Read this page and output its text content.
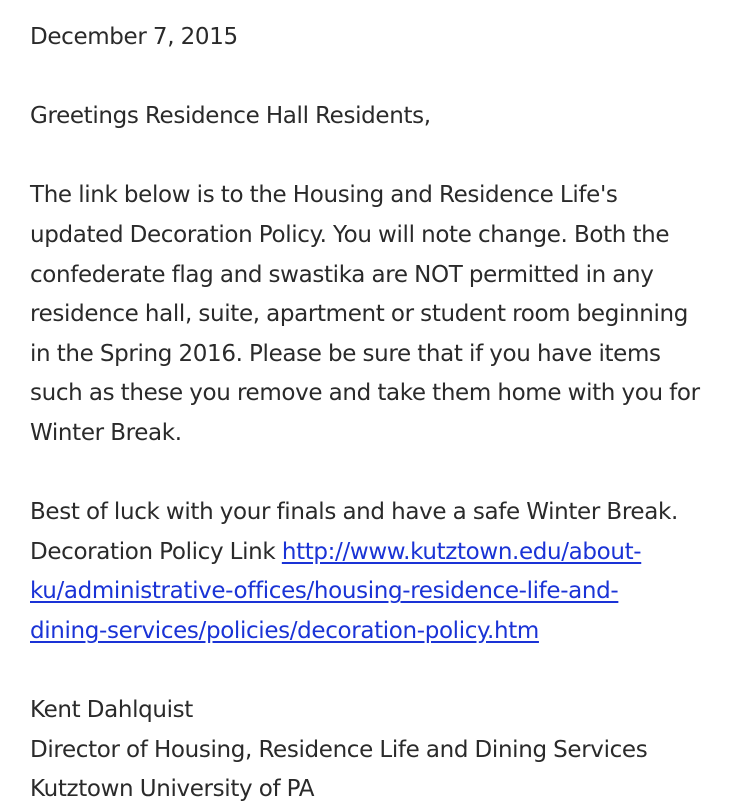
December 7, 2015

Greetings Residence Hall Residents,

The link below is to the Housing and Residence Life's
updated Decoration Policy. You will note change. Both the
confederate flag and swastika are NOT permitted in any
residence hall, suite, apartment or student room beginning
in the Spring 2016. Please be sure that if you have items
such as these you remove and take them home with you for
Winter Break.

Best of luck with your finals and have a safe Winter Break.

Decoration Policy Link http://www.kutztown.edu/about-
ku/administrative-offices/housing-residence-life-and-
dining-services/policies/decoration-policy.htm
Kent Dahlquist
Director of Housing, Residence Life and Dining Services
Kutztown University of PA
